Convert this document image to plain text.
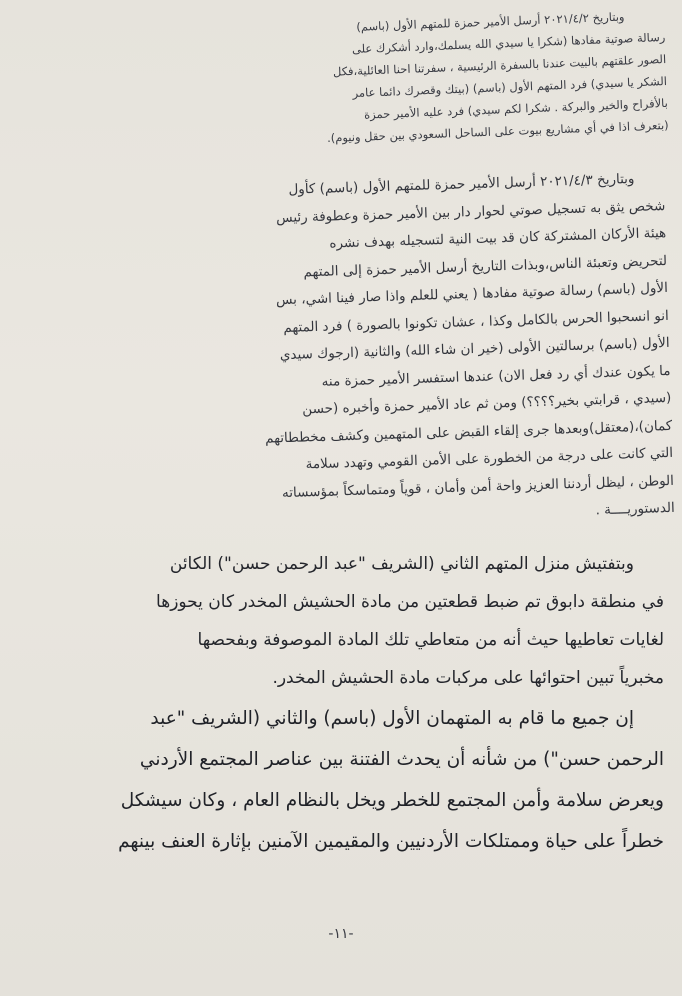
وبتاريخ ٢٠٢١/٤/٢ أرسل الأمير حمزة للمتهم الأول (باسم)
رسالة صوتية مفادها (شكرا يا سيدي الله يسلمك،وارد أشكرك على
الصور علقتهم بالبيت عندنا بالسفرة الرئيسية ، سفرتنا احنا العائلية،فكل
الشكر يا سيدي) فرد المتهم الأول (باسم) (بيتك وقصرك دائما عامر
بالأفراح والخير والبركة . شكرا لكم سيدي) فرد عليه الأمير حمزة
(بتعرف اذا في أي مشاريع بيوت على الساحل السعودي بين حقل ونيوم).
وبتاريخ ٢٠٢١/٤/٣ أرسل الأمير حمزة للمتهم الأول (باسم) كأول
شخص يثق به تسجيل صوتي لحوار دار بين الأمير حمزة وعطوفة رئيس
هيئة الأركان المشتركة كان قد بيت النية لتسجيله بهدف نشره
لتحريض وتعبئة الناس،وبذات التاريخ أرسل الأمير حمزة إلى المتهم
الأول (باسم) رسالة صوتية مفادها ( يعني للعلم واذا صار فينا اشي، بس
انو انسحبوا الحرس بالكامل وكذا ، عشان تكونوا بالصورة ) فرد المتهم
الأول (باسم) برسالتين الأولى (خير ان شاء الله) والثانية (ارجوك سيدي
ما يكون عندك أي رد فعل الان) عندها استفسر الأمير حمزة منه
(سيدي ، قرابتي بخير؟؟؟؟) ومن ثم عاد الأمير حمزة وأخبره (حسن
كمان)،(معتقل)وبعدها جرى إلقاء القبض على المتهمين وكشف مخططاتهم
التي كانت على درجة من الخطورة على الأمن القومي وتهدد سلامة
الوطن ، ليظل أردننا العزيز واحة أمن وأمان ، قوياً ومتماسكاً بمؤسساته
الدستوريــــة .
وبتفتيش منزل المتهم الثاني (الشريف "عبد الرحمن حسن") الكائن
في منطقة دابوق تم ضبط قطعتين من مادة الحشيش المخدر كان يحوزها
لغايات تعاطيها حيث أنه من متعاطي تلك المادة الموصوفة وبفحصها
مخبرياً تبين احتوائها على مركبات مادة الحشيش المخدر.
إن جميع ما قام به المتهمان الأول (باسم) والثاني (الشريف "عبد
الرحمن حسن") من شأنه أن يحدث الفتنة بين عناصر المجتمع الأردني
ويعرض سلامة وأمن المجتمع للخطر ويخل بالنظام العام ، وكان سيشكل
خطراً على حياة وممتلكات الأردنيين والمقيمين الآمنين بإثارة العنف بينهم
-١١-
